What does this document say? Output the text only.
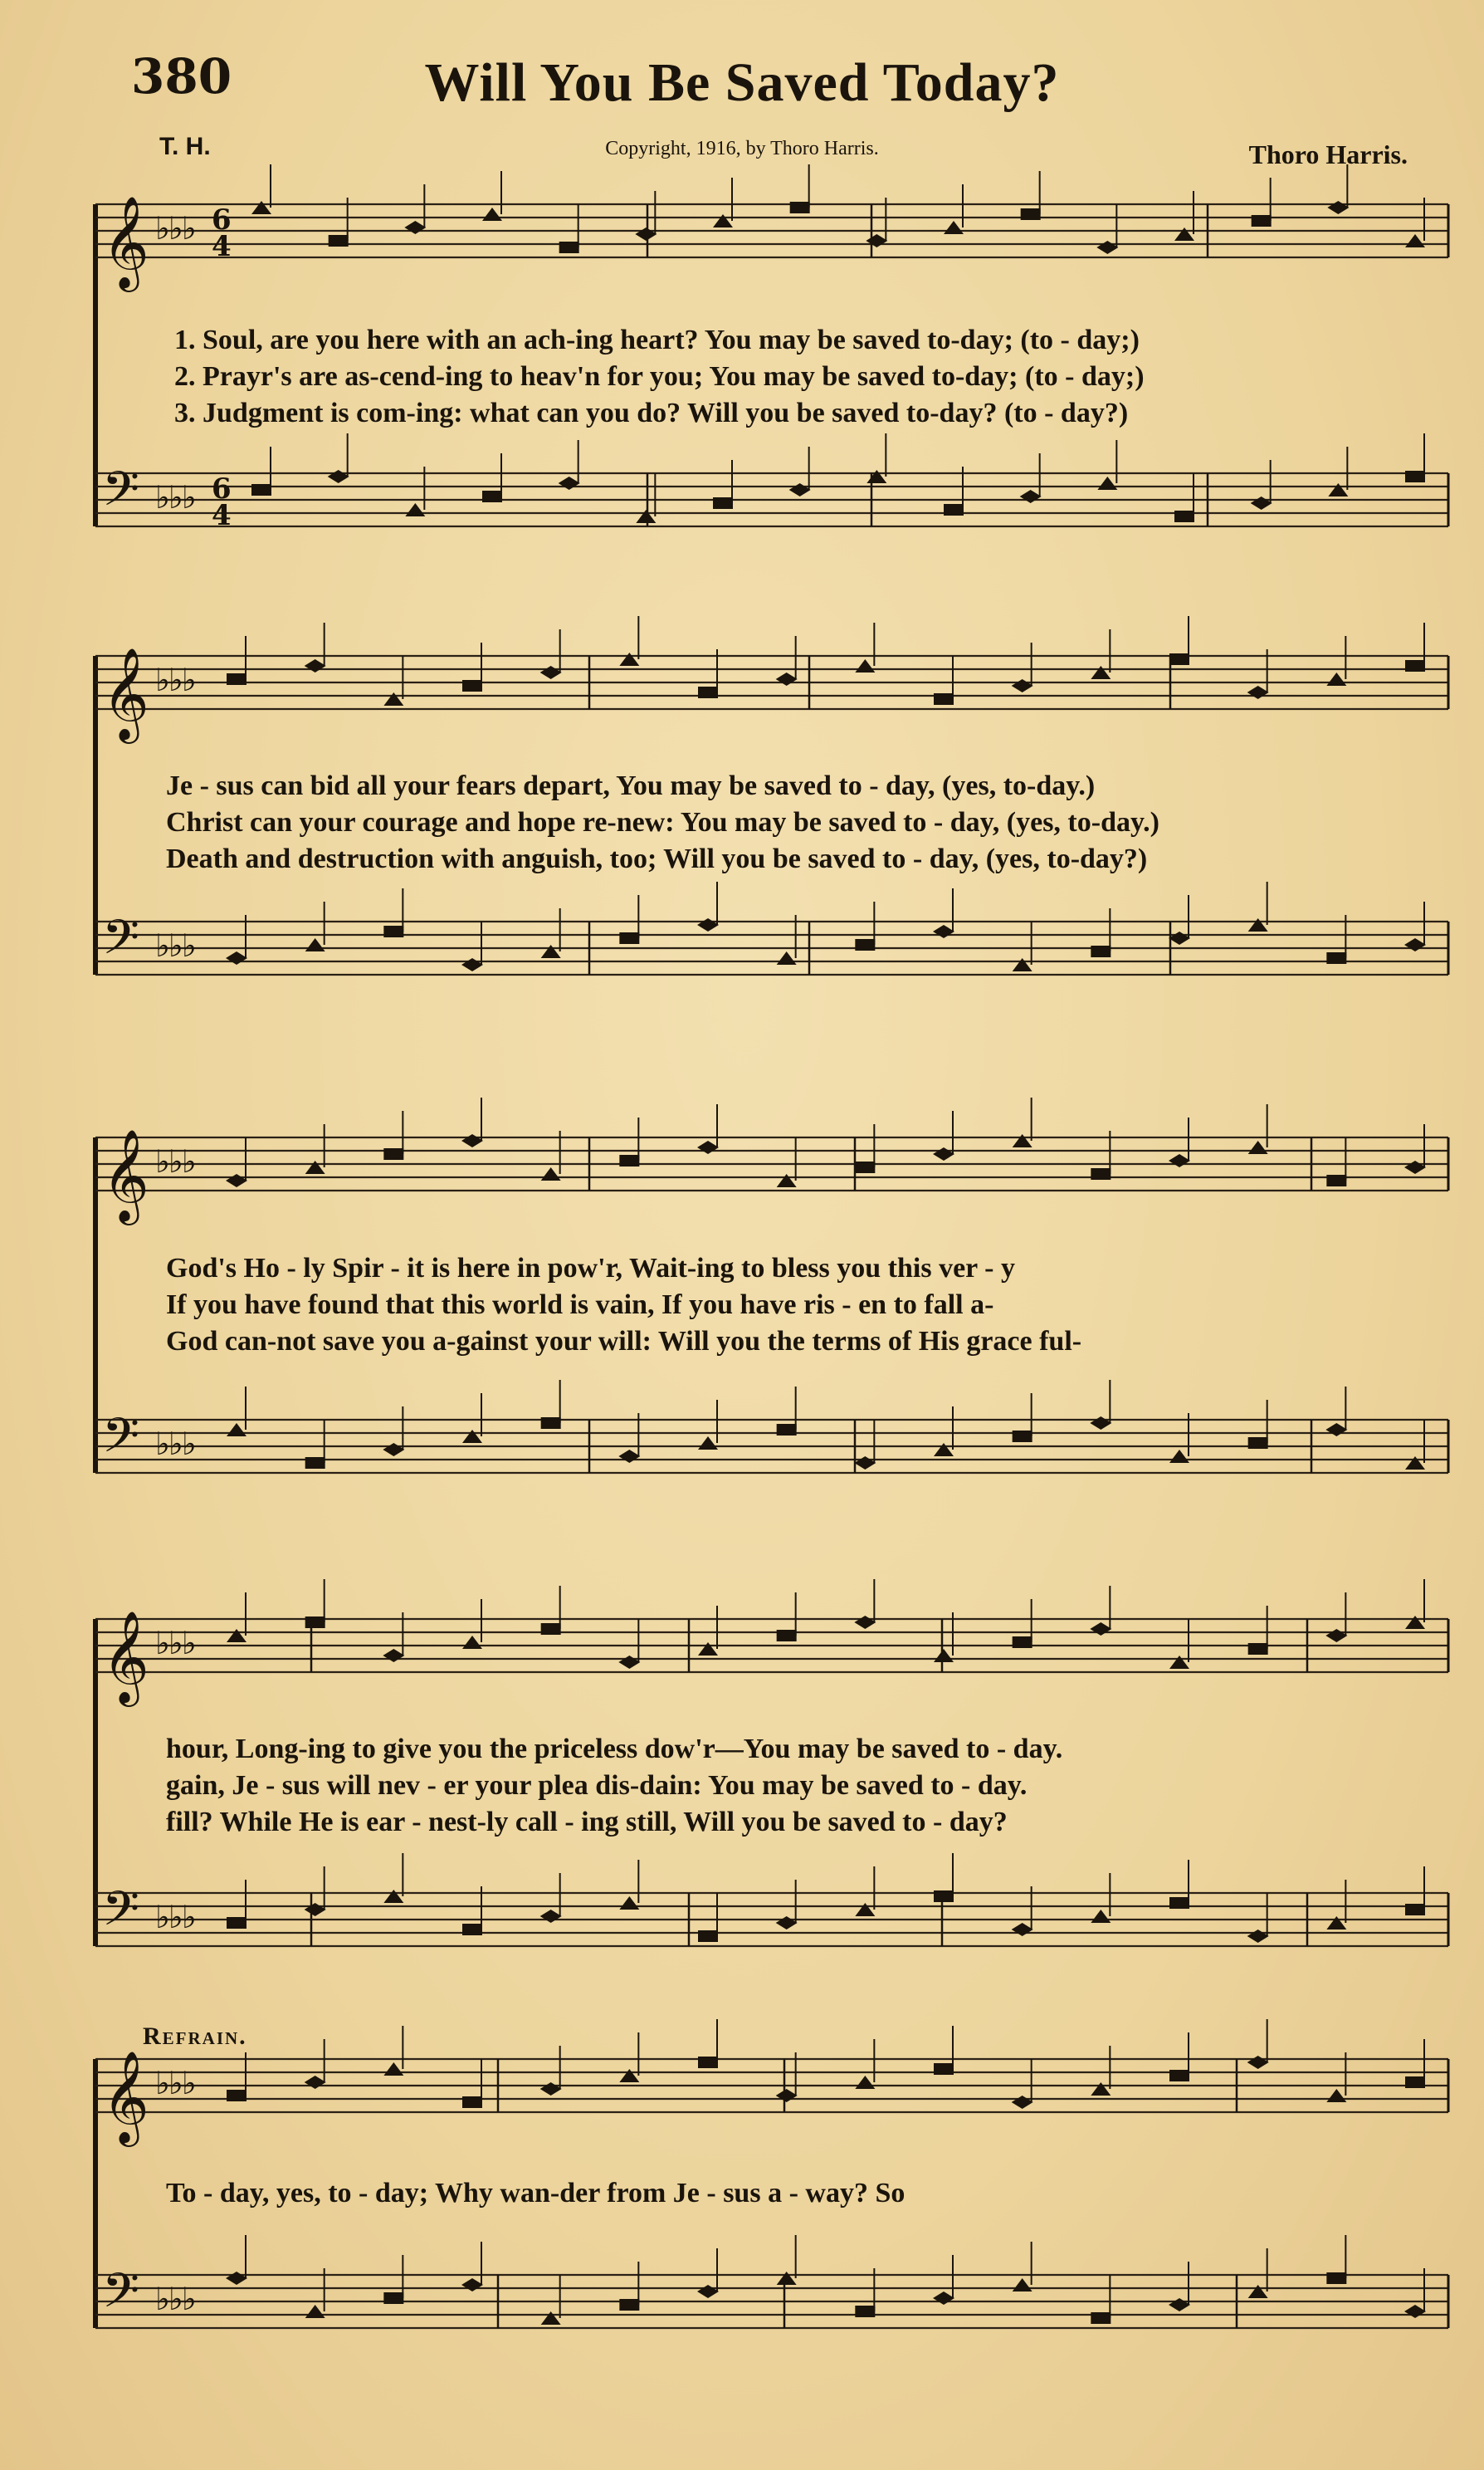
380	Will You Be Saved Today?
T. H.	Copyright, 1916, by Thoro Harris.	Thoro Harris.
Refrain.
𝄞 ♭♭♭ 6
4
𝄢 ♭♭♭ 6
4
1. Soul, are you here with an ach-ing heart? You may be saved to-day; (to - day;)
2. Prayr's are as-cend-ing to heav'n for you; You may be saved to-day; (to - day;)
3. Judgment is com-ing: what can you do? Will you be saved to-day? (to - day?)
𝄞 ♭♭♭
𝄢 ♭♭♭
Je - sus can bid all your fears depart, You may be saved to - day, (yes, to-day.)
Christ can your courage and hope re-new: You may be saved to - day, (yes, to-day.)
Death and destruction with anguish, too; Will you be saved to - day, (yes, to-day?)
𝄞 ♭♭♭
𝄢 ♭♭♭
God's Ho - ly Spir - it is here in pow'r, Wait-ing to bless you this ver - y
If you have found that this world is vain, If you have ris - en to fall a-
God can-not save you a-gainst your will: Will you the terms of His grace ful-
𝄞 ♭♭♭
𝄢 ♭♭♭
hour, Long-ing to give you the priceless dow'r—You may be saved to - day.
gain, Je - sus will nev - er your plea dis-dain: You may be saved to - day.
fill? While He is ear - nest-ly call - ing still, Will you be saved to - day?
𝄞 ♭♭♭
𝄢 ♭♭♭
To - day, yes, to - day; Why wan-der from Je - sus a - way? So
